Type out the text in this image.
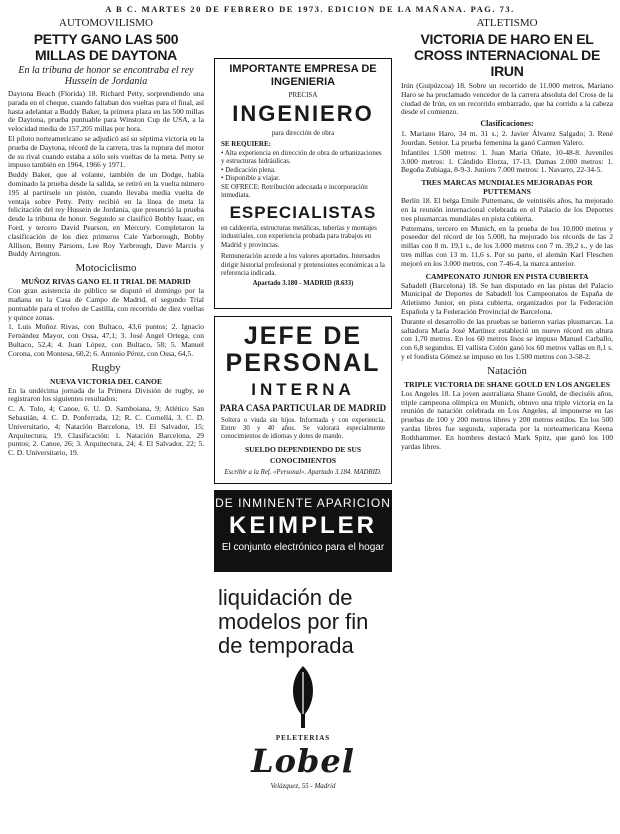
A B C. MARTES 20 DE FEBRERO DE 1973. EDICION DE LA MAÑANA. PAG. 73.
AUTOMOVILISMO
PETTY GANO LAS 500 MILLAS DE DAYTONA
En la tribuna de honor se encontraba el rey Hussein de Jordania

Daytona Beach (Florida) 18. Richard Petty, sorprendiendo una parada en el cheque, cuando faltaban dos vueltas para el final, así hasta adelantar a Buddy Baker, la primera plaza en las 500 millas de Daytona, prueba puntuable para Winston Cup de USA, a la velocidad media de 157,205 millas por hora.

El piloto norteamericano se adjudicó así su séptima victoria en la prueba de Daytona, récord de la carrera, tras la ruptura del motor de su rival cuando estaba a sólo seis vueltas de la meta. Petty se impuso también en 1964, 1966 y 1971.

Buddy Baker, que al volante, también de un Dodge, había dominado la prueba desde la salida, se retiró en la vuelta número 195 al partírsele un pistón, cuando llevaba media vuelta de ventaja sobre Petty. Petty recibió en la línea de meta la felicitación del rey Hussein de Jordania, que presenció la prueba desde la tribuna de honor. Segundo se clasificó Bobby Isaac, en Ford, y tercero David Pearson, en Mercury. Completaron la clasificación de los diez primeros Cale Yarborough, Bobby Allison, Benny Parsons, Lee Roy Yarbrough, Dave Marcis y Buddy Arrington.

Motociclismo
MUÑOZ RIVAS GANO EL II TRIAL DE MADRID

Con gran asistencia de público se disputó el domingo por la mañana en la Casa de Campo de Madrid, el segundo Trial puntuable para el trofeo de Castilla, con recorrido de diez vueltas y quince zonas.

1. Luis Muñoz Rivas, con Bultaco, 43,6 puntos; 2. Ignacio Fernández Mayor, con Ossa, 47,1; 3. José Angel Ortega, con Bultaco, 52,4; 4. Juan López, con Bultaco, 58; 5. Manuel Corona, con Montesa, 60,2; 6. Antonio Pérez, con Ossa, 64,5.

Rugby
NUEVA VICTORIA DEL CANOE

En la undécima jornada de la Primera División de rugby, se registraron los siguientes resultados:

C. A. Tolo, 4; Canoe, 6. U. D. Samboiana, 9; Atlético San Sebastián, 4. C. D. Ponferrada, 12; R. C. Cornellá, 3. C. D. Universitario, 4; Natación Barcelona, 19. El Salvador, 15; Arquitectura, 19. Clasificación: 1. Natación Barcelona, 29 puntos; 2. Canoe, 26; 3. Arquitectura, 24; 4. El Salvador, 22; 5. C. D. Universitario, 19.

IMPORTANTE EMPRESA DE INGENIERIA
PRECISA
INGENIERO
para dirección de obra
SE REQUIERE:
• Alta experiencia en dirección de obra de urbanizaciones y estructuras hidráulicas.
• Dedicación plena.
• Disponible a viajar.
SE OFRECE: Retribución adecuada e incorporación inmediata.
ESPECIALISTAS
en calderería, estructuras metálicas, tuberías y montajes industriales, con experiencia probada para trabajos en Madrid y provincias.
Remuneración acorde a los valores aportados. Intersados dirigir historial profesional y pretensiones económicas a la referencia indicada.
Apartado 3.180 - MADRID (8.633)
JEFE DE PERSONAL
INTERNA
PARA CASA PARTICULAR DE MADRID
Soltera o viuda sin hijos. Informada y con experiencia. Entre 30 y 40 años. Se valorará especialmente conocimientos de idiomas y dotes de mando.
SUELDO DEPENDIENDO DE SUS CONOCIMIENTOS
Escribir a la Ref. «Personal». Apartado 3.184. MADRID.
DE INMINENTE APARICION
KEIMPLER
El conjunto electrónico para el hogar
liquidación de modelos por fin de temporada
PELETERIAS
Lobel
Velázquez, 55 - Madrid
ATLETISMO
VICTORIA DE HARO EN EL CROSS INTERNACIONAL DE IRUN

Irún (Guipúzcoa) 18. Sobre un recorrido de 11.000 metros, Mariano Haro se ha proclamado vencedor de la carrera absoluta del Cross de la ciudad de Irún, en un recorrido embarrado, que ha corrido a la cabeza desde el comienzo.

Clasificaciones:

1. Mariano Haro, 34 m. 31 s.; 2. Javier Álvarez Salgado; 3. René Jourdan. Senior. La prueba femenina la ganó Carmen Valero.

Infantiles 1.500 metros: 1. Juan María Oñate, 10-48-8. Juveniles 3.000 metros: 1. Cándido Elorza, 17-13. Damas 2.000 metros: 1. Begoña Zubiaga, 8-9-3. Juniors 7.000 metros: 1. Navarro, 22-34-5.

TRES MARCAS MUNDIALES MEJORADAS POR PUTTEMANS

Berlín 18. El belga Emile Puttemans, de veintiséis años, ha mejorado en la reunión internacional celebrada en el Palacio de los Deportes tres plusmarcas mundiales en pista cubierta.

Puttemans, tercero en Munich, en la prueba de los 10.000 metros y poseedor del récord de los 5.000, ha mejorado los récords de las 2 millas con 8 m. 19,1 s., de los 3.000 metros con 7 m. 39,2 s., y de las tres millas con 13 m. 11,6 s. Por su parte, el alemán Karl Fleschen mejoró en los 3.000 metros, con 7-46-4, la marca anterior.

CAMPEONATO JUNIOR EN PISTA CUBIERTA

Sabadell (Barcelona) 18. Se han disputado en las pistas del Palacio Municipal de Deportes de Sabadell los Campeonatos de España de Atletismo Junior, en pista cubierta, organizados por la Federación Española y la Federación Provincial de Barcelona.

Durante el desarrollo de las pruebas se batieron varias plusmarcas. La saltadora María José Martínez estableció un nuevo récord en altura con 1,70 metros. En los 60 metros lisos se impuso Manuel Carballo, con 6,8 segundos. El vallista Colón ganó los 60 metros vallas en 8,1 s. y el fondista Gómez se impuso en los 1.500 metros con 3-58-2.

Natación
TRIPLE VICTORIA DE SHANE GOULD EN LOS ANGELES

Los Angeles 18. La joven australiana Shane Gould, de dieciséis años, triple campeona olímpica en Munich, obtuvo una triple victoria en la reunión de natación celebrada en Los Angeles, al imponerse en las pruebas de 100 y 200 metros libres y 200 metros estilos. En los 500 yardas libres fue segunda, superada por la norteamericana Keena Rothhammer. En hombres destacó Mark Spitz, que ganó los 100 yardas libres.
